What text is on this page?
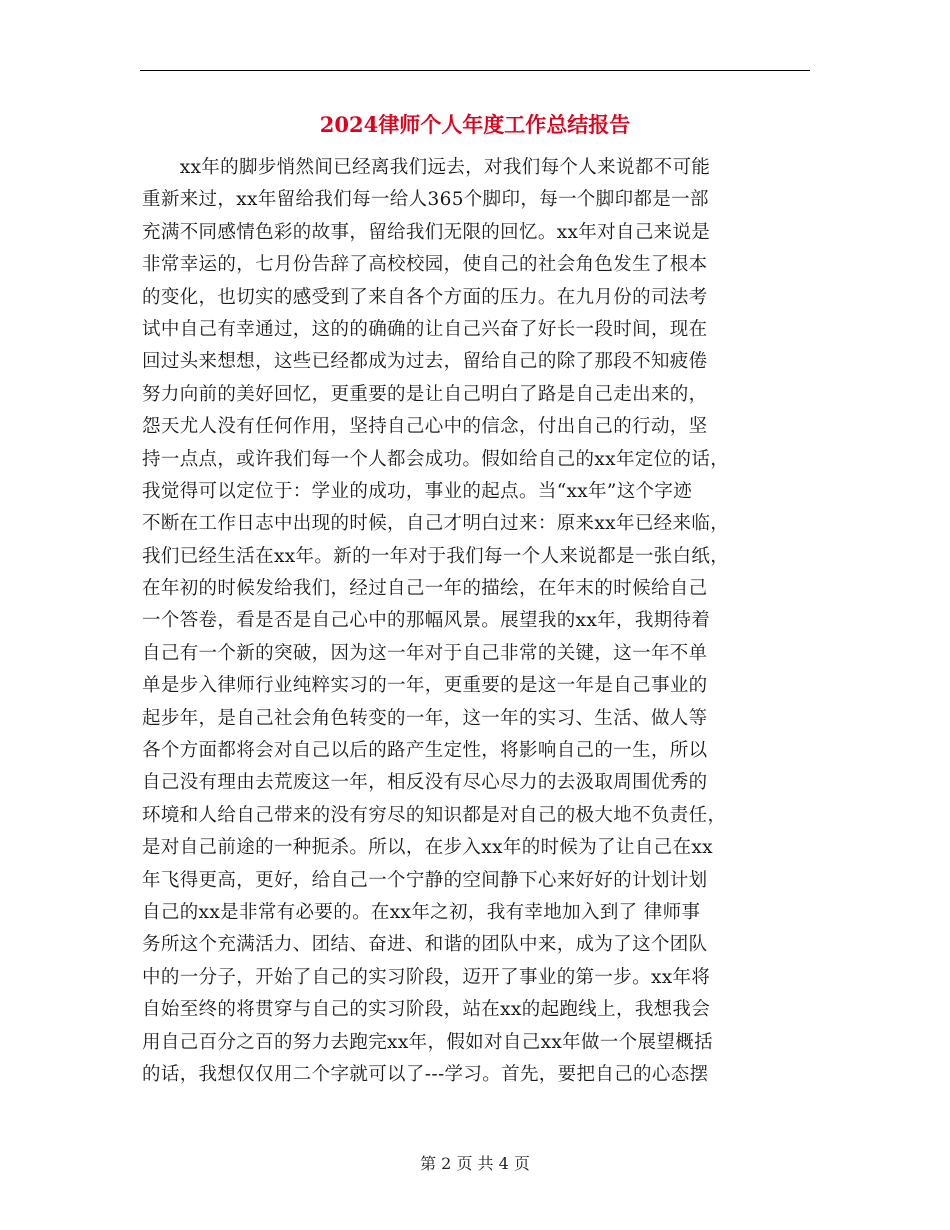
2024律师个人年度工作总结报告
　　xx年的脚步悄然间已经离我们远去，对我们每个人来说都不可能
重新来过，xx年留给我们每一给人365个脚印，每一个脚印都是一部
充满不同感情色彩的故事，留给我们无限的回忆。xx年对自己来说是
非常幸运的，七月份告辞了高校校园，使自己的社会角色发生了根本
的变化，也切实的感受到了来自各个方面的压力。在九月份的司法考
试中自己有幸通过，这的的确确的让自己兴奋了好长一段时间，现在
回过头来想想，这些已经都成为过去，留给自己的除了那段不知疲倦
努力向前的美好回忆，更重要的是让自己明白了路是自己走出来的，
怨天尤人没有任何作用，坚持自己心中的信念，付出自己的行动，坚
持一点点，或许我们每一个人都会成功。假如给自己的xx年定位的话，
我觉得可以定位于：学业的成功，事业的起点。当“xx年”这个字迹
不断在工作日志中出现的时候，自己才明白过来：原来xx年已经来临，
我们已经生活在xx年。新的一年对于我们每一个人来说都是一张白纸，
在年初的时候发给我们，经过自己一年的描绘，在年末的时候给自己
一个答卷，看是否是自己心中的那幅风景。展望我的xx年，我期待着
自己有一个新的突破，因为这一年对于自己非常的关键，这一年不单
单是步入律师行业纯粹实习的一年，更重要的是这一年是自己事业的
起步年，是自己社会角色转变的一年，这一年的实习、生活、做人等
各个方面都将会对自己以后的路产生定性，将影响自己的一生，所以
自己没有理由去荒废这一年，相反没有尽心尽力的去汲取周围优秀的
环境和人给自己带来的没有穷尽的知识都是对自己的极大地不负责任，
是对自己前途的一种扼杀。所以，在步入xx年的时候为了让自己在xx
年飞得更高，更好，给自己一个宁静的空间静下心来好好的计划计划
自己的xx是非常有必要的。在xx年之初，我有幸地加入到了 律师事
务所这个充满活力、团结、奋进、和谐的团队中来，成为了这个团队
中的一分子，开始了自己的实习阶段，迈开了事业的第一步。xx年将
自始至终的将贯穿与自己的实习阶段，站在xx的起跑线上，我想我会
用自己百分之百的努力去跑完xx年，假如对自己xx年做一个展望概括
的话，我想仅仅用二个字就可以了---学习。首先，要把自己的心态摆
第 2 页 共 4 页
